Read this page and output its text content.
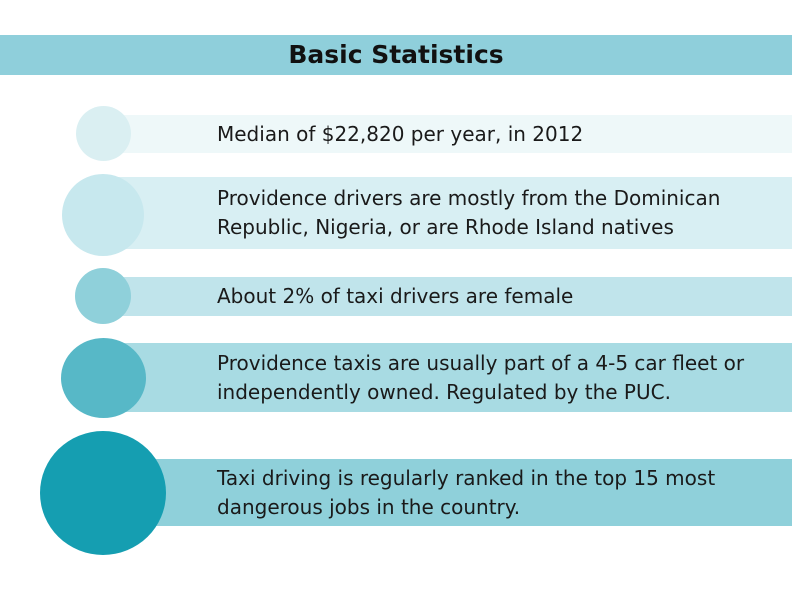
Basic Statistics
Median of $22,820 per year, in 2012
Providence drivers are mostly from the Dominican Republic, Nigeria, or are Rhode Island natives
About 2% of taxi drivers are female
Providence taxis are usually part of a 4-5 car fleet or independently owned. Regulated by the PUC.
Taxi driving is regularly ranked in the top 15 most dangerous jobs in the country.
